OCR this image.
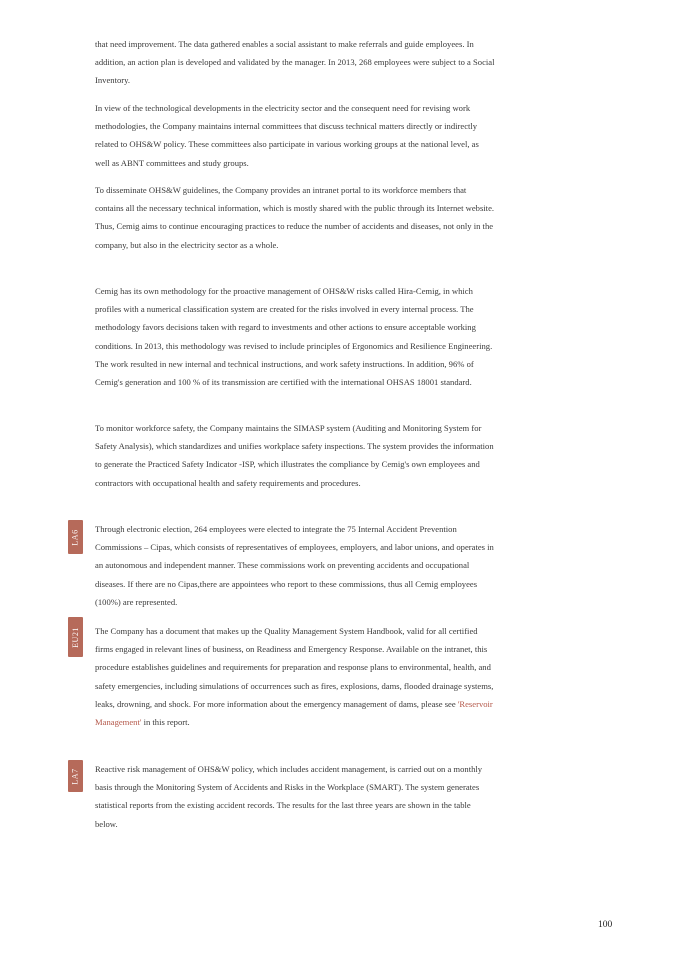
that need improvement. The data gathered enables a social assistant to make referrals and guide employees. In addition, an action plan is developed and validated by the manager. In 2013, 268 employees were subject to a Social Inventory.

In view of the technological developments in the electricity sector and the consequent need for revising work methodologies, the Company maintains internal committees that discuss technical matters directly or indirectly related to OHS&W policy. These committees also participate in various working groups at the national level, as well as ABNT committees and study groups.

To disseminate OHS&W guidelines, the Company provides an intranet portal to its workforce members that contains all the necessary technical information, which is mostly shared with the public through its Internet website. Thus, Cemig aims to continue encouraging practices to reduce the number of accidents and diseases, not only in the company, but also in the electricity sector as a whole.

Cemig has its own methodology for the proactive management of OHS&W risks called Hira-Cemig, in which profiles with a numerical classification system are created for the risks involved in every internal process. The methodology favors decisions taken with regard to investments and other actions to ensure acceptable working conditions. In 2013, this methodology was revised to include principles of Ergonomics and Resilience Engineering. The work resulted in new internal and technical instructions, and work safety instructions. In addition, 96% of Cemig's generation and 100 % of its transmission are certified with the international OHSAS 18001 standard.

To monitor workforce safety, the Company maintains the SIMASP system (Auditing and Monitoring System for Safety Analysis), which standardizes and unifies workplace safety inspections. The system provides the information to generate the Practiced Safety Indicator -ISP, which illustrates the compliance by Cemig's own employees and contractors with occupational health and safety requirements and procedures.

LA6 Through electronic election, 264 employees were elected to integrate the 75 Internal Accident Prevention Commissions – Cipas, which consists of representatives of employees, employers, and labor unions, and operates in an autonomous and independent manner. These commissions work on preventing accidents and occupational diseases. If there are no Cipas,there are appointees who report to these commissions, thus all Cemig employees (100%) are represented.

EU21 The Company has a document that makes up the Quality Management System Handbook, valid for all certified firms engaged in relevant lines of business, on Readiness and Emergency Response. Available on the intranet, this procedure establishes guidelines and requirements for preparation and response plans to environmental, health, and safety emergencies, including simulations of occurrences such as fires, explosions, dams, flooded drainage systems, leaks, drowning, and shock. For more information about the emergency management of dams, please see 'Reservoir Management' in this report.

LA7 Reactive risk management of OHS&W policy, which includes accident management, is carried out on a monthly basis through the Monitoring System of Accidents and Risks in the Workplace (SMART). The system generates statistical reports from the existing accident records. The results for the last three years are shown in the table below.

100
